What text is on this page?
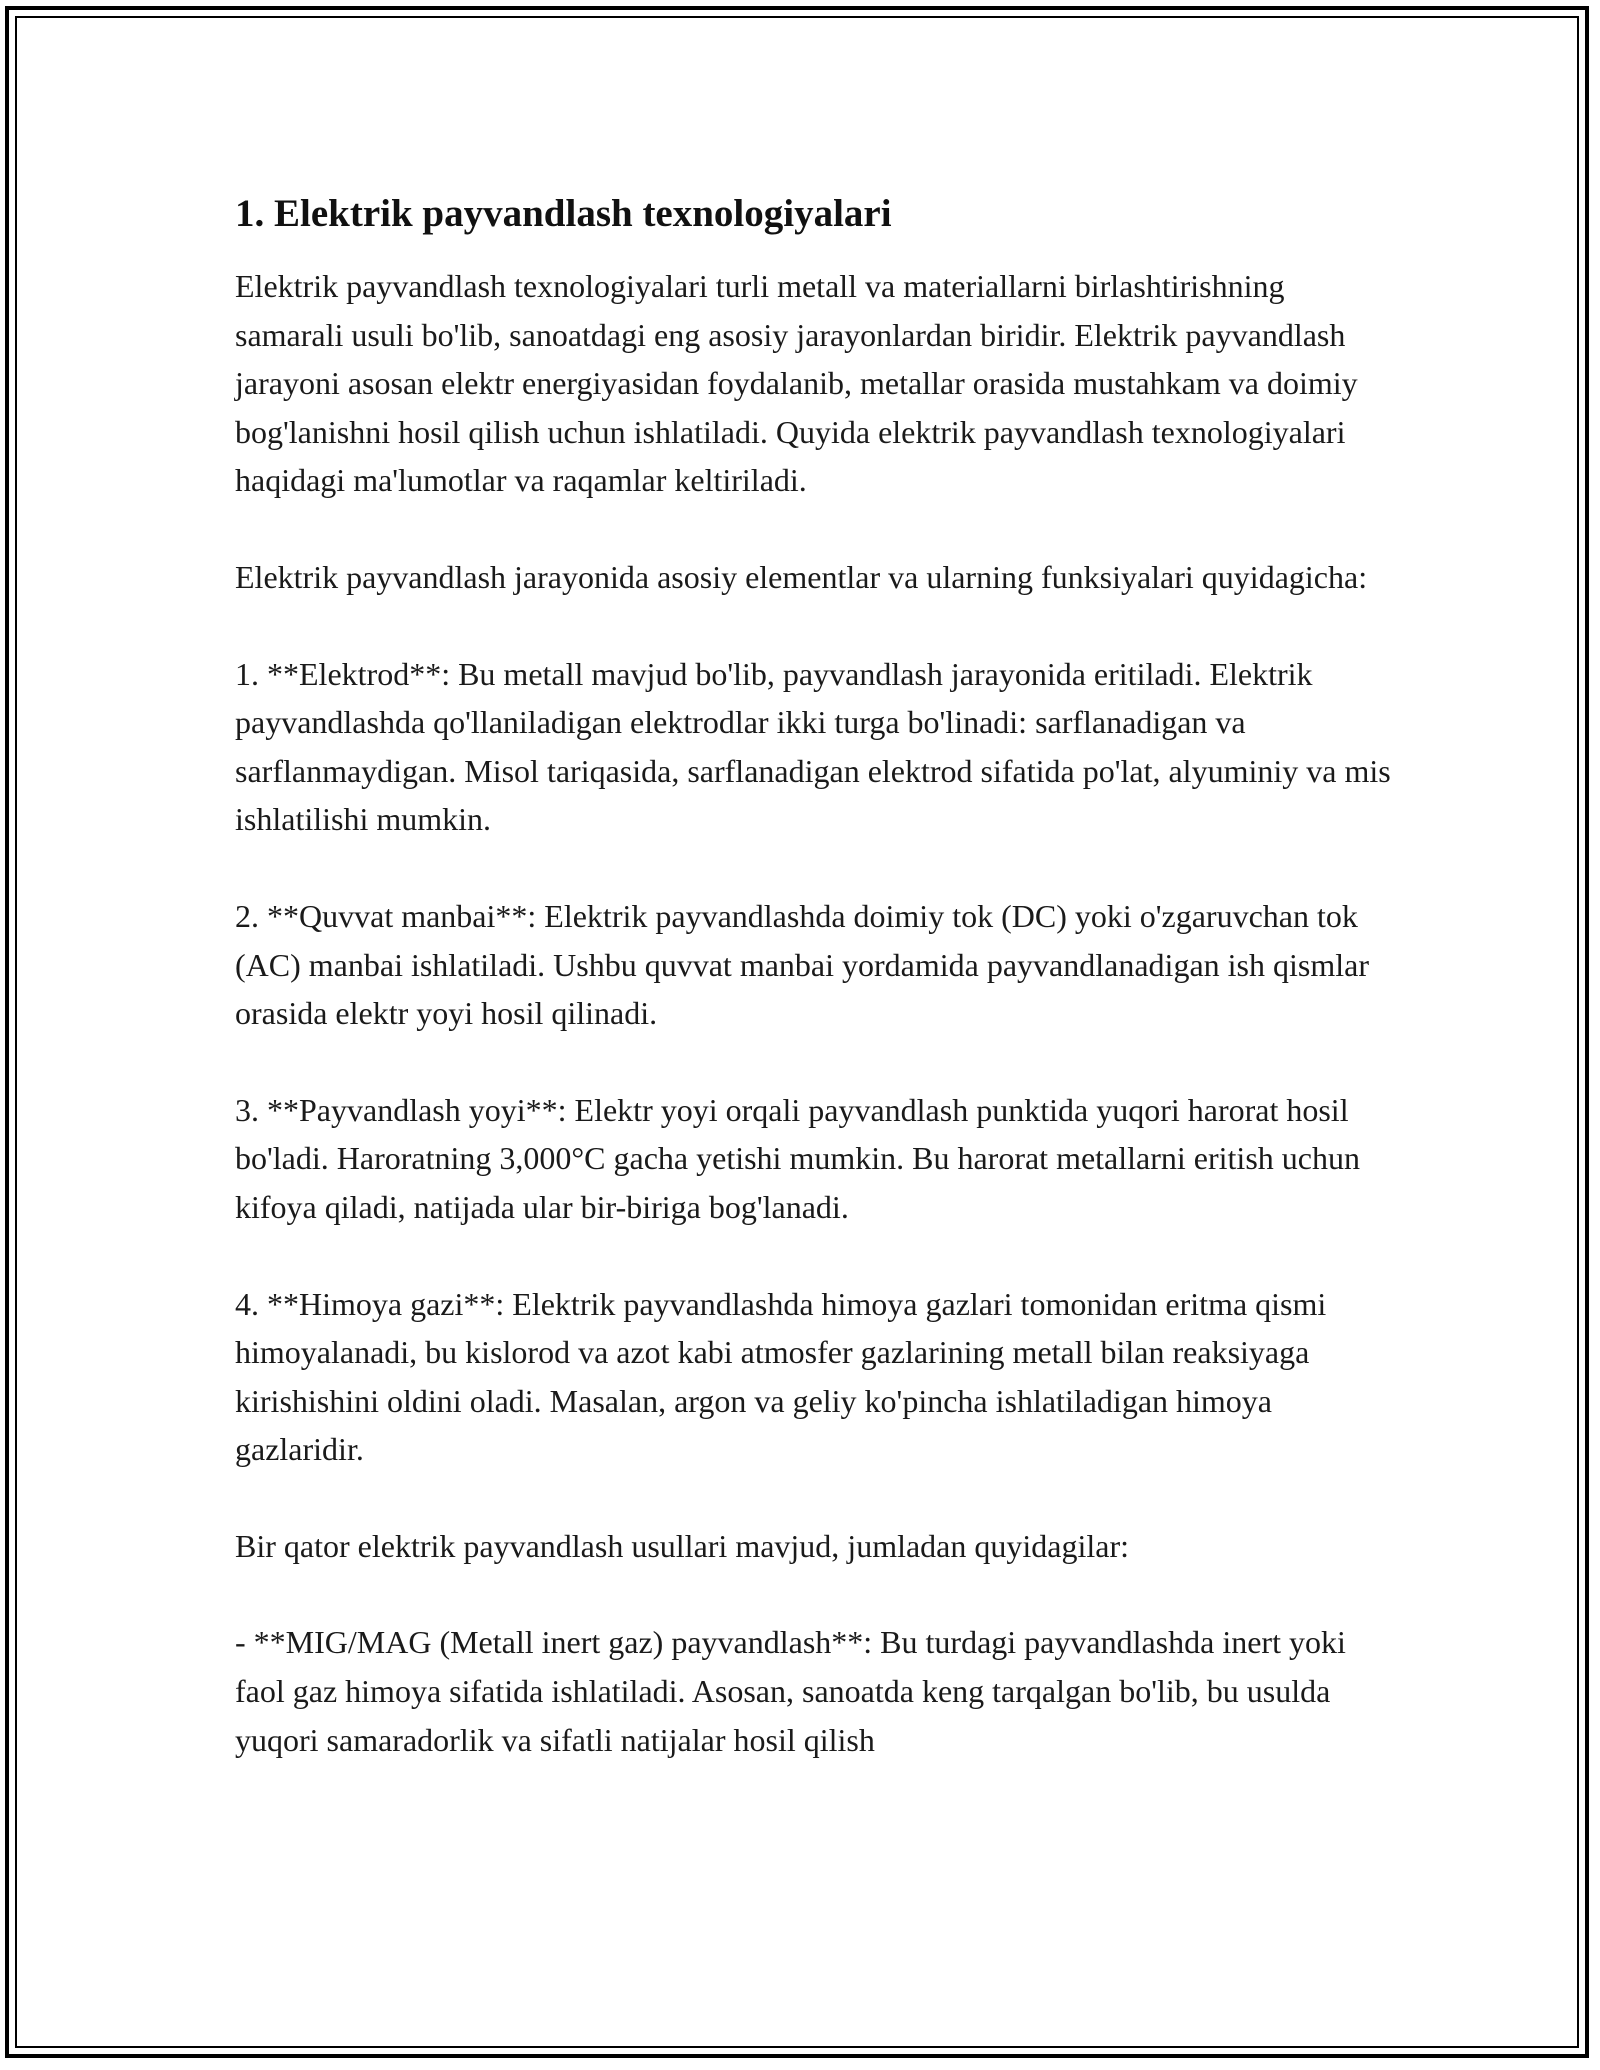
1. Elektrik payvandlash texnologiyalari

Elektrik payvandlash texnologiyalari turli metall va materiallarni birlashtirishning samarali usuli bo'lib, sanoatdagi eng asosiy jarayonlardan biridir. Elektrik payvandlash jarayoni asosan elektr energiyasidan foydalanib, metallar orasida mustahkam va doimiy bog'lanishni hosil qilish uchun ishlatiladi. Quyida elektrik payvandlash texnologiyalari haqidagi ma'lumotlar va raqamlar keltiriladi.

Elektrik payvandlash jarayonida asosiy elementlar va ularning funksiyalari quyidagicha:

1. **Elektrod**: Bu metall mavjud bo'lib, payvandlash jarayonida eritiladi. Elektrik payvandlashda qo'llaniladigan elektrodlar ikki turga bo'linadi: sarflanadigan va sarflanmaydigan. Misol tariqasida, sarflanadigan elektrod sifatida po'lat, alyuminiy va mis ishlatilishi mumkin.

2. **Quvvat manbai**: Elektrik payvandlashda doimiy tok (DC) yoki o'zgaruvchan tok (AC) manbai ishlatiladi. Ushbu quvvat manbai yordamida payvandlanadigan ish qismlar orasida elektr yoyi hosil qilinadi.

3. **Payvandlash yoyi**: Elektr yoyi orqali payvandlash punktida yuqori harorat hosil bo'ladi. Haroratning 3,000°C gacha yetishi mumkin. Bu harorat metallarni eritish uchun kifoya qiladi, natijada ular bir-biriga bog'lanadi.

4. **Himoya gazi**: Elektrik payvandlashda himoya gazlari tomonidan eritma qismi himoyalanadi, bu kislorod va azot kabi atmosfer gazlarining metall bilan reaksiyaga kirishishini oldini oladi. Masalan, argon va geliy ko'pincha ishlatiladigan himoya gazlaridir.

Bir qator elektrik payvandlash usullari mavjud, jumladan quyidagilar:

- **MIG/MAG (Metall inert gaz) payvandlash**: Bu turdagi payvandlashda inert yoki faol gaz himoya sifatida ishlatiladi. Asosan, sanoatda keng tarqalgan bo'lib, bu usulda yuqori samaradorlik va sifatli natijalar hosil qilish
